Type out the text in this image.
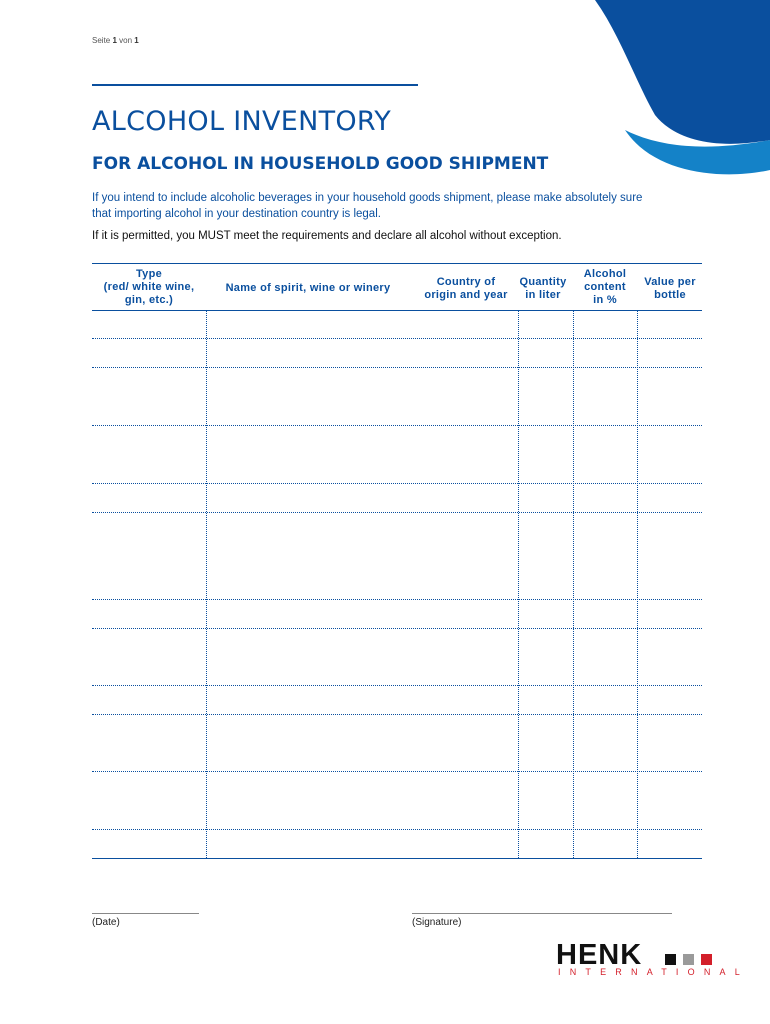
Seite 1 von 1
ALCOHOL INVENTORY
FOR ALCOHOL IN HOUSEHOLD GOOD SHIPMENT

If you intend to include alcoholic beverages in your household goods shipment, please make absolutely sure that importing alcohol in your destination country is legal.

If it is permitted, you MUST meet the requirements and declare all alcohol without exception.

Type
(red/ white wine,
gin, etc.)
Name of spirit, wine or winery	Country of
origin and year
Quantity
in liter
Alcohol
content
in %
Value per
bottle
(Date)	(Signature)
HENK
INTERNATIONAL
